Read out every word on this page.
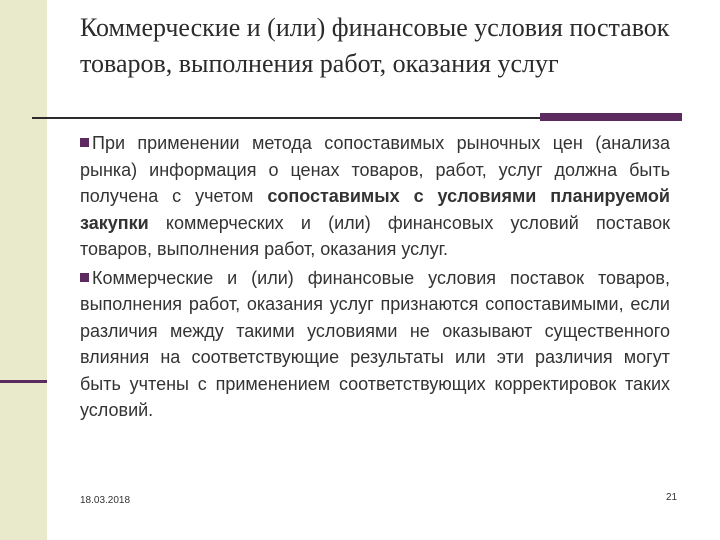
Коммерческие и (или) финансовые условия поставок товаров, выполнения работ, оказания услуг

При применении метода сопоставимых рыночных цен (анализа рынка) информация о ценах товаров, работ, услуг должна быть получена с учетом сопоставимых с условиями планируемой закупки коммерческих и (или) финансовых условий поставок товаров, выполнения работ, оказания услуг.

Коммерческие и (или) финансовые условия поставок товаров, выполнения работ, оказания услуг признаются сопоставимыми, если различия между такими условиями не оказывают существенного влияния на соответствующие результаты или эти различия могут быть учтены с применением соответствующих корректировок таких условий.

18.03.2018	21
